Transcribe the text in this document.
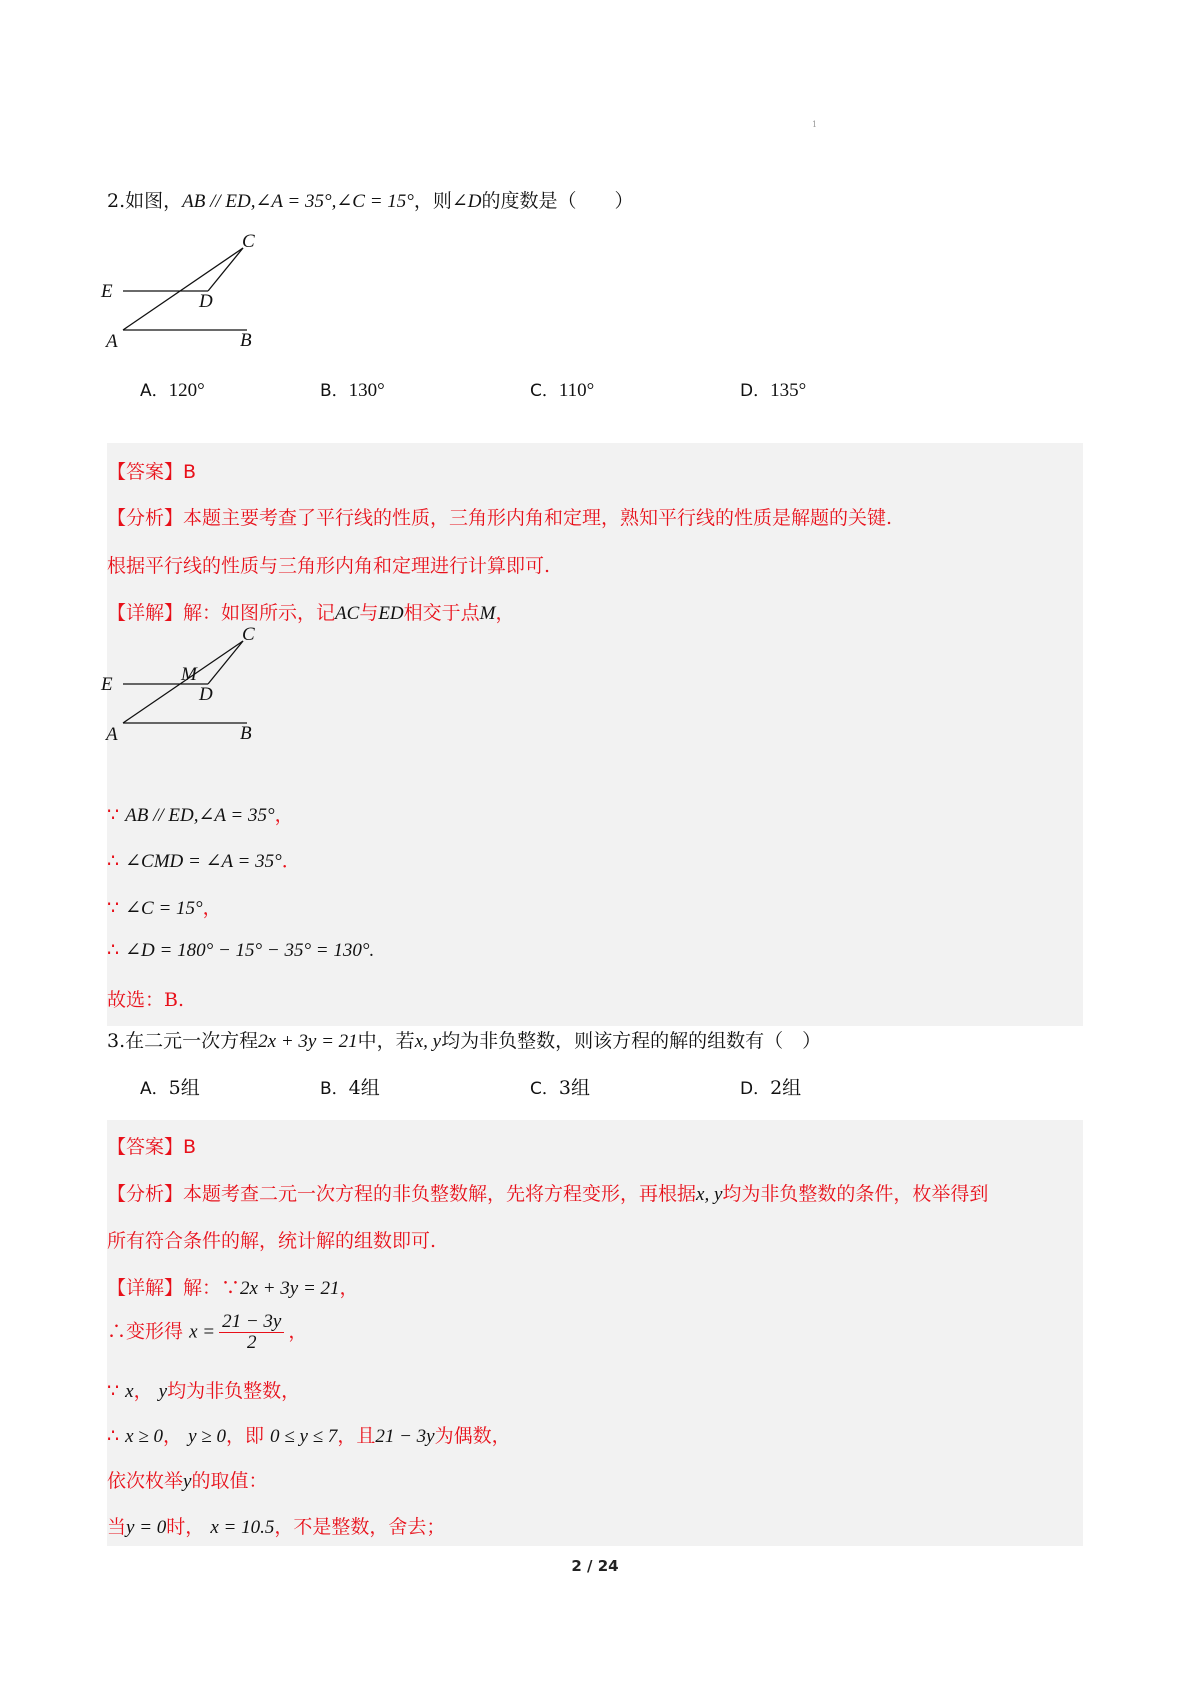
1
2.如图，AB // ED,∠A = 35°,∠C = 15°，则∠D的度数是（　　）
C
E	D
A	B
A．120°	B．130°	C．110°	D．135°
【答案】B
【分析】本题主要考查了平行线的性质，三角形内角和定理，熟知平行线的性质是解题的关键.
根据平行线的性质与三角形内角和定理进行计算即可.
【详解】解：如图所示，记AC与ED相交于点M，
C
M
E	D
A	B
∵ AB // ED,∠A = 35°，
∴ ∠CMD = ∠A = 35°．
∵ ∠C = 15°，
∴ ∠D = 180° − 15° − 35° = 130°.
故选：B.
3.在二元一次方程2x + 3y = 21中，若x, y均为非负整数，则该方程的解的组数有（　）
A．5组	B．4组	C．3组	D．2组
【答案】B
【分析】本题考查二元一次方程的非负整数解，先将方程变形，再根据x, y均为非负整数的条件，枚举得到
所有符合条件的解，统计解的组数即可.
【详解】解：∵2x + 3y = 21，
∴变形得 $x = \frac{21 - 3y}{2}$ ，
∵ x， y均为非负整数，
∴ x ≥ 0， y ≥ 0，即 0 ≤ y ≤ 7，且21 − 3y为偶数，
依次枚举y的取值：
当y = 0时， x = 10.5，不是整数，舍去；
2 / 24
